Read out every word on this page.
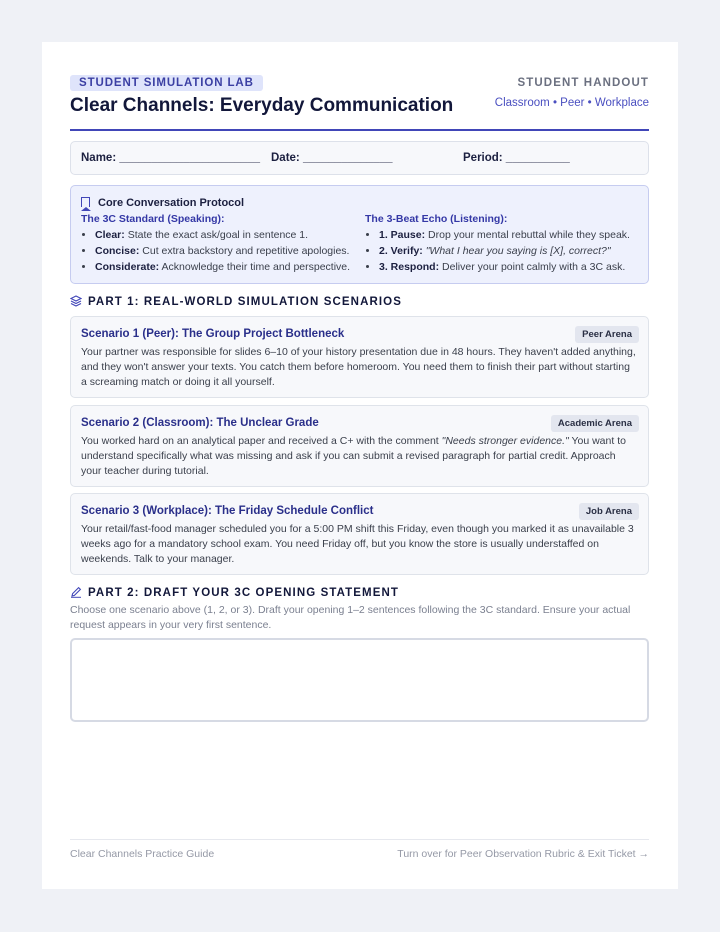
STUDENT SIMULATION LAB
Clear Channels: Everyday Communication
STUDENT HANDOUT
Classroom • Peer • Workplace
Name: ______________________ Date: ______________	Period: __________
Core Conversation Protocol
The 3C Standard (Speaking):
• Clear: State the exact ask/goal in sentence 1.
• Concise: Cut extra backstory and repetitive apologies.
• Considerate: Acknowledge their time and perspective.
The 3-Beat Echo (Listening):
• 1. Pause: Drop your mental rebuttal while they speak.
• 2. Verify: "What I hear you saying is [X], correct?"
• 3. Respond: Deliver your point calmly with a 3C ask.
PART 1: REAL-WORLD SIMULATION SCENARIOS
Scenario 1 (Peer): The Group Project Bottleneck	Peer Arena
Your partner was responsible for slides 6–10 of your history presentation due in 48 hours. They haven't added anything, and they won't answer your texts. You catch them before homeroom. You need them to finish their part without starting a screaming match or doing it all yourself.
Scenario 2 (Classroom): The Unclear Grade	Academic Arena
You worked hard on an analytical paper and received a C+ with the comment "Needs stronger evidence." You want to understand specifically what was missing and ask if you can submit a revised paragraph for partial credit. Approach your teacher during tutorial.
Scenario 3 (Workplace): The Friday Schedule Conflict	Job Arena
Your retail/fast-food manager scheduled you for a 5:00 PM shift this Friday, even though you marked it as unavailable 3 weeks ago for a mandatory school exam. You need Friday off, but you know the store is usually understaffed on weekends. Talk to your manager.
PART 2: DRAFT YOUR 3C OPENING STATEMENT
Choose one scenario above (1, 2, or 3). Draft your opening 1–2 sentences following the 3C standard. Ensure your actual request appears in your very first sentence.
Clear Channels Practice Guide	Turn over for Peer Observation Rubric & Exit Ticket →
